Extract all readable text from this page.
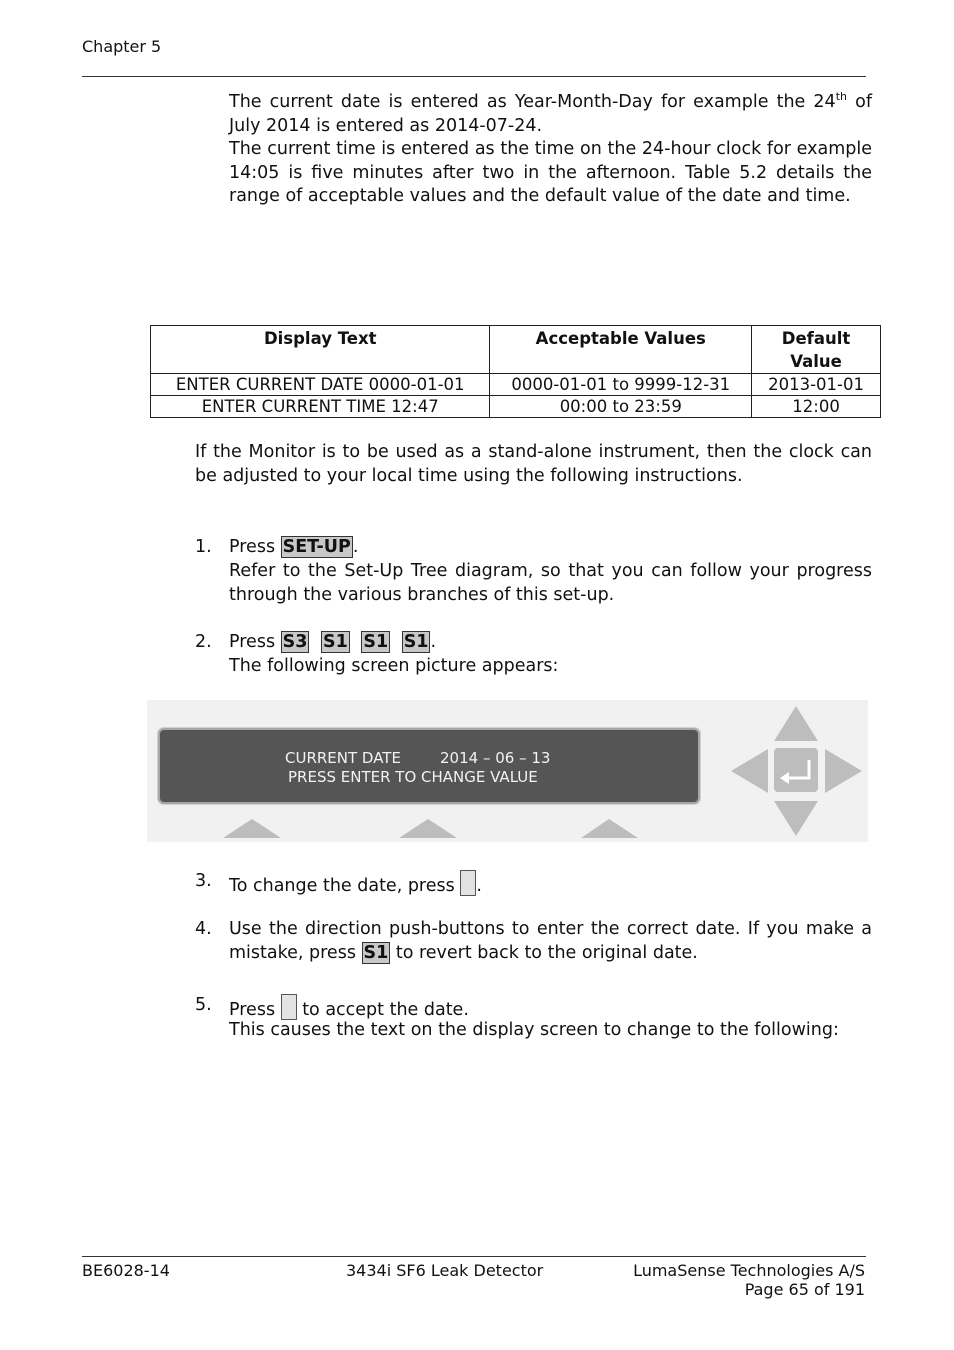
Chapter 5
The current date is entered as Year-Month-Day for example the 24th of July 2014 is entered as 2014-07-24.
The current time is entered as the time on the 24-hour clock for example 14:05 is five minutes after two in the afternoon. Table 5.2 details the range of acceptable values and the default value of the date and time.
Display Text	Acceptable Values	Default Value
ENTER CURRENT DATE 0000-01-01	0000-01-01 to 9999-12-31	2013-01-01
ENTER CURRENT TIME 12:47	00:00 to 23:59	12:00
If the Monitor is to be used as a stand-alone instrument, then the clock can be adjusted to your local time using the following instructions.
1. Press SET-UP .
Refer to the Set-Up Tree diagram, so that you can follow your progress through the various branches of this set-up.
2. Press S3 S1 S1 S1 .
The following screen picture appears:
CURRENT DATE	2014 – 06 – 13
PRESS ENTER TO CHANGE VALUE
3. To change the date, press .
4. Use the direction push-buttons to enter the correct date. If you make a mistake, press S1 to revert back to the original date.
5. Press  to accept the date.
This causes the text on the display screen to change to the following:
BE6028-14	3434i SF6 Leak Detector	LumaSense Technologies A/S
Page 65 of 191
